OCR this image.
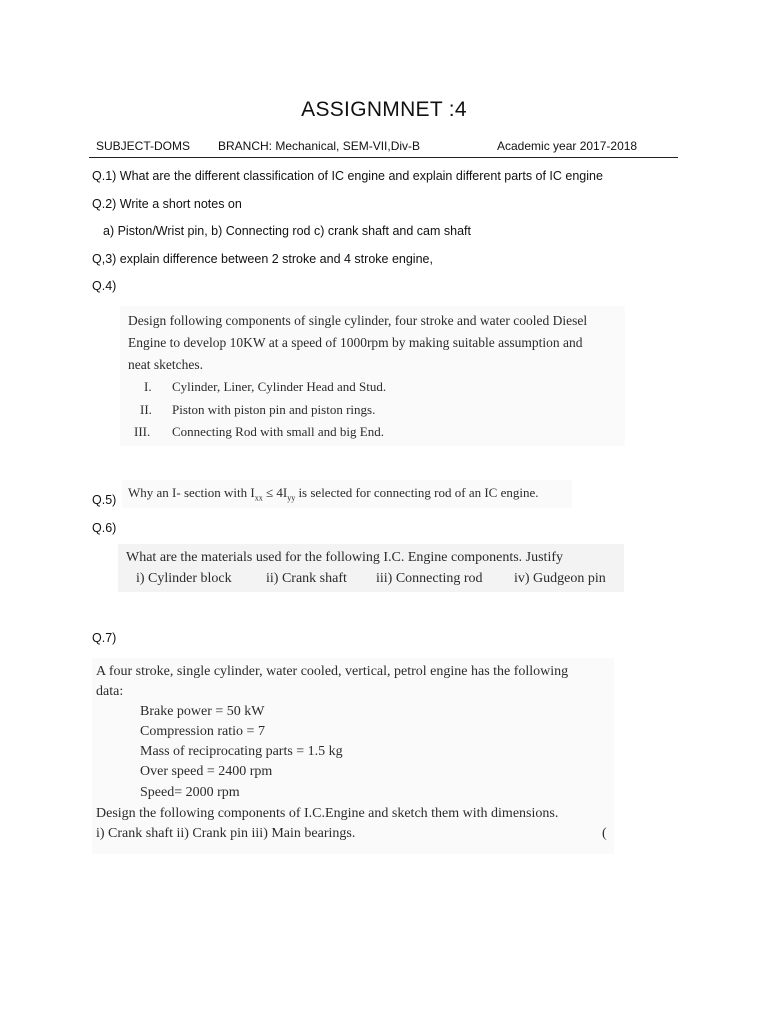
ASSIGNMNET :4
SUBJECT-DOMS BRANCH: Mechanical, SEM-VII,Div-B	Academic year 2017-2018
Q.1) What are the different classification of IC engine and explain different parts of IC engine
Q.2) Write a short notes on
a) Piston/Wrist pin, b) Connecting rod c) crank shaft and cam shaft
Q,3) explain difference between 2 stroke and 4 stroke engine,
Q.4)
Design following components of single cylinder, four stroke and water cooled Diesel
Engine to develop 10KW at a speed of 1000rpm by making suitable assumption and
neat sketches.
I. Cylinder, Liner, Cylinder Head and Stud.
II. Piston with piston pin and piston rings.
III. Connecting Rod with small and big End.
Q.5) Why an I- section with $I_{xx} \le 4I_{yy}$ is selected for connecting rod of an IC engine.
Q.6)
What are the materials used for the following I.C. Engine components. Justify
i) Cylinder block ii) Crank shaft iii) Connecting rod iv) Gudgeon pin
Q.7)
A four stroke, single cylinder, water cooled, vertical, petrol engine has the following
data:
Brake power = 50 kW
Compression ratio = 7
Mass of reciprocating parts = 1.5 kg
Over speed = 2400 rpm
Speed= 2000 rpm
Design the following components of I.C.Engine and sketch them with dimensions.
i) Crank shaft ii) Crank pin iii) Main bearings.	(
